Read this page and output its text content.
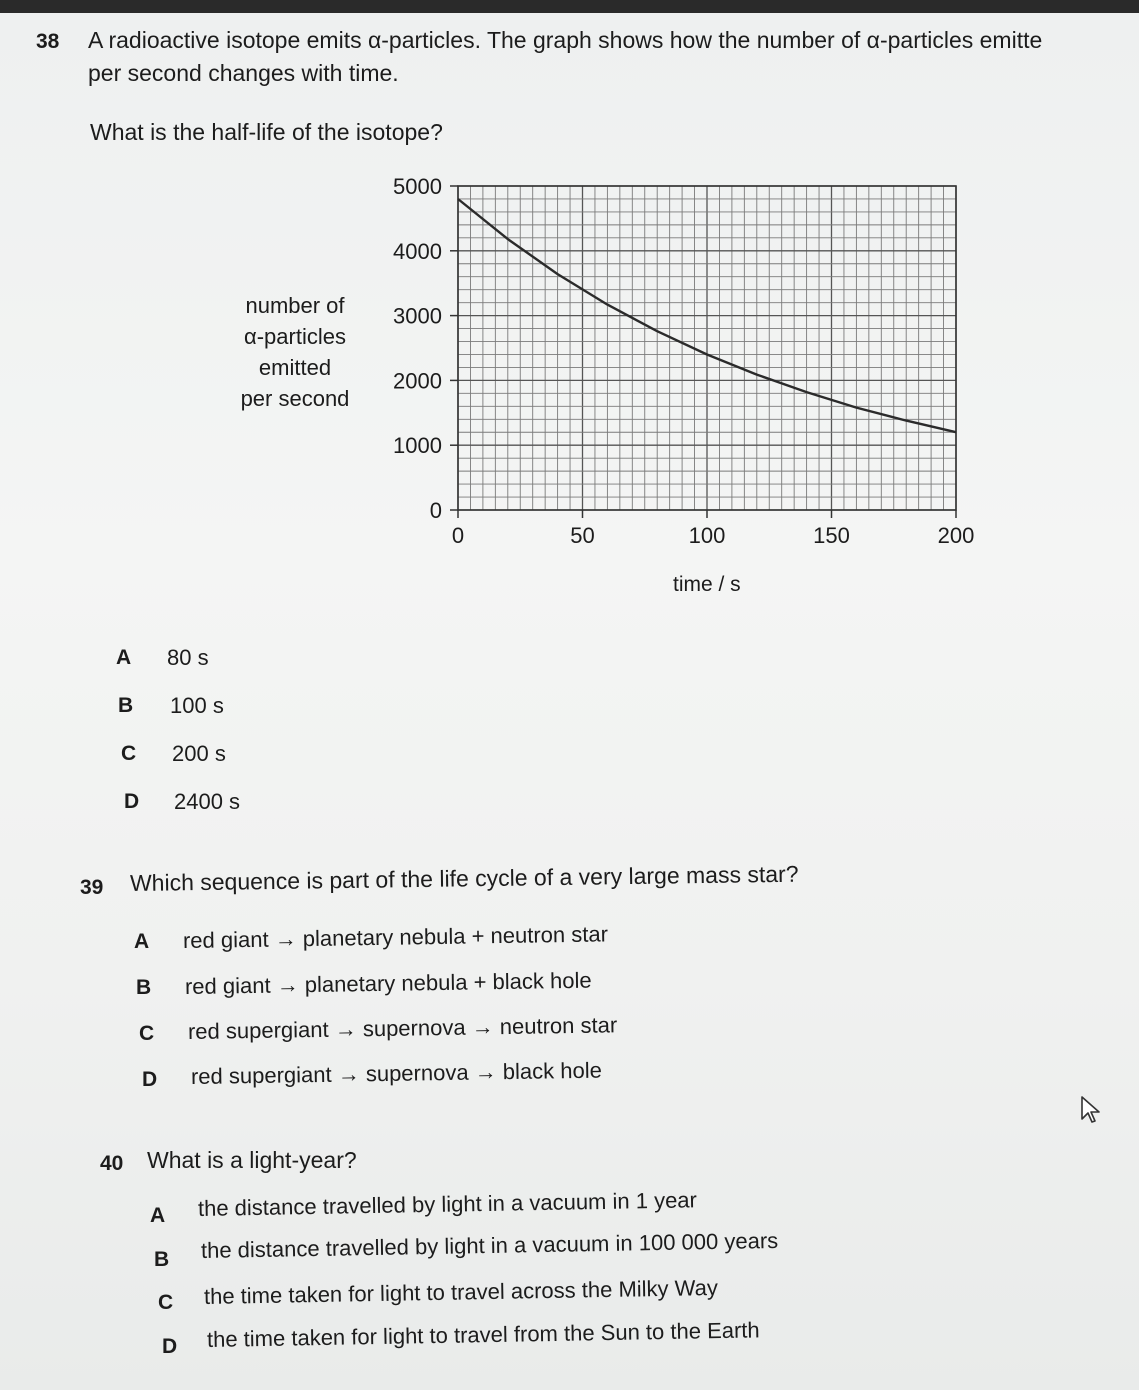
38 A radioactive isotope emits α-particles. The graph shows how the number of α-particles emitte
per second changes with time.
What is the half-life of the isotope?
number of
α-particles
emitted
per second
0	50	100	150	200
0
1000
2000
3000
4000
5000
time / s
A 80 s
B 100 s
C 200 s
D 2400 s
39 Which sequence is part of the life cycle of a very large mass star?
A red giant → planetary nebula + neutron star
B red giant → planetary nebula + black hole
C red supergiant → supernova → neutron star
D red supergiant → supernova → black hole
40 What is a light-year?
A the distance travelled by light in a vacuum in 1 year
B the distance travelled by light in a vacuum in 100 000 years
C the time taken for light to travel across the Milky Way
D the time taken for light to travel from the Sun to the Earth
